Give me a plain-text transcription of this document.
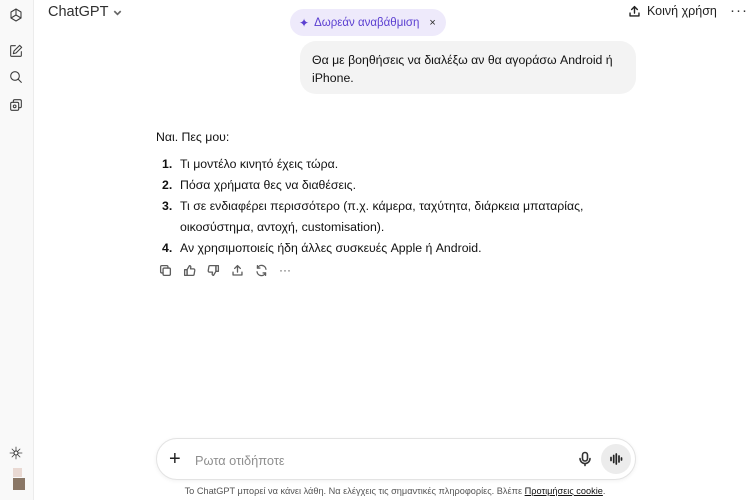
ChatGPT	Κοινή χρήση ···
✦ Δωρεάν αναβάθμιση ×
Θα με βοηθήσεις να διαλέξω αν θα αγοράσω Android ή iPhone.
Ναι. Πες μου:
1. Τι μοντέλο κινητό έχεις τώρα.
2. Πόσα χρήματα θες να διαθέσεις.
3. Τι σε ενδιαφέρει περισσότερο (π.χ. κάμερα, ταχύτητα, διάρκεια μπαταρίας, οικοσύστημα, αντοχή, customisation).
4. Αν χρησιμοποιείς ήδη άλλες συσκευές Apple ή Android.
···
+
Ρωτα οτιδήποτε
Το ChatGPT μπορεί να κάνει λάθη. Να ελέγχεις τις σημαντικές πληροφορίες. Βλέπε Προτιμήσεις cookie.
